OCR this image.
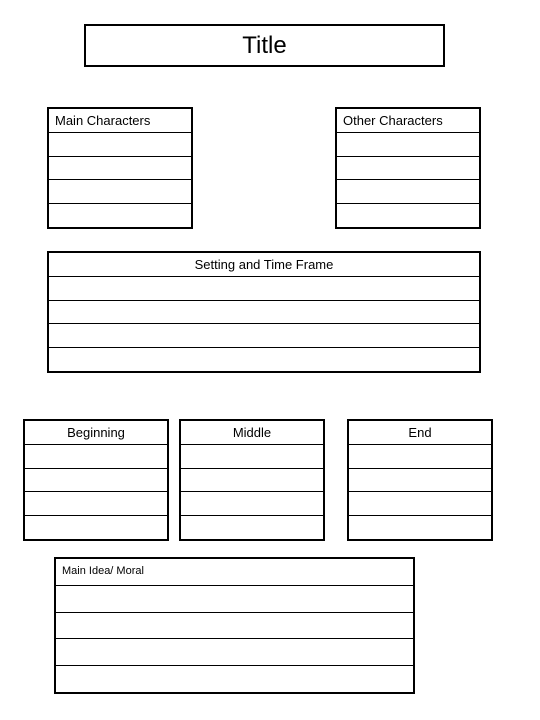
Title
Main Characters	Other Characters
Setting and Time Frame
Beginning	Middle	End
Main Idea/ Moral
